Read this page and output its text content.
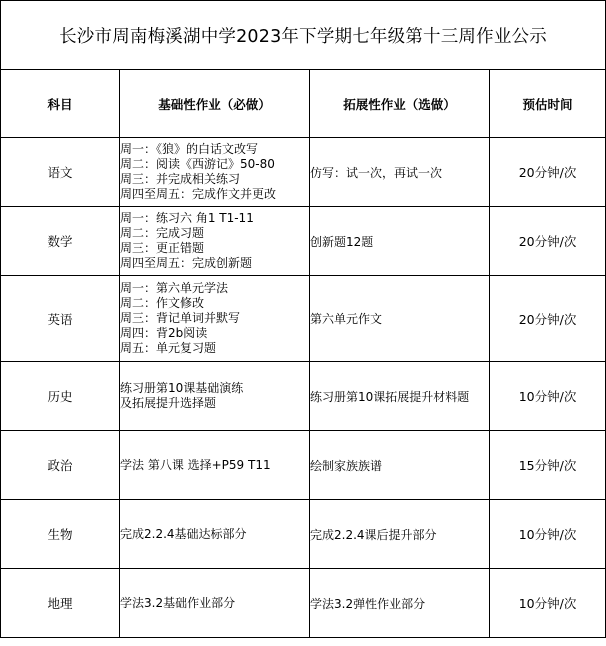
长沙市周南梅溪湖中学2023年下学期七年级第十三周作业公示			
科目	基础性作业（必做）	拓展性作业（选做）	预估时间
语文	周一：《狼》的白话文改写
周二：阅读《西游记》50-80
周三：并完成相关练习
周四至周五：完成作文并更改	仿写：试一次，再试一次	20分钟/次
数学	周一：练习六 角1 T1-11
周二：完成习题
周三：更正错题
周四至周五：完成创新题	创新题12题	20分钟/次
英语	周一：第六单元学法
周二：作文修改
周三：背记单词并默写
周四：背2b阅读
周五：单元复习题	第六单元作文	20分钟/次
历史	练习册第10课基础演练
及拓展提升选择题	练习册第10课拓展提升材料题	10分钟/次
政治	学法 第八课 选择+P59 T11	绘制家族族谱	15分钟/次
生物	完成2.2.4基础达标部分	完成2.2.4课后提升部分	10分钟/次
地理	学法3.2基础作业部分	学法3.2弹性作业部分	10分钟/次
